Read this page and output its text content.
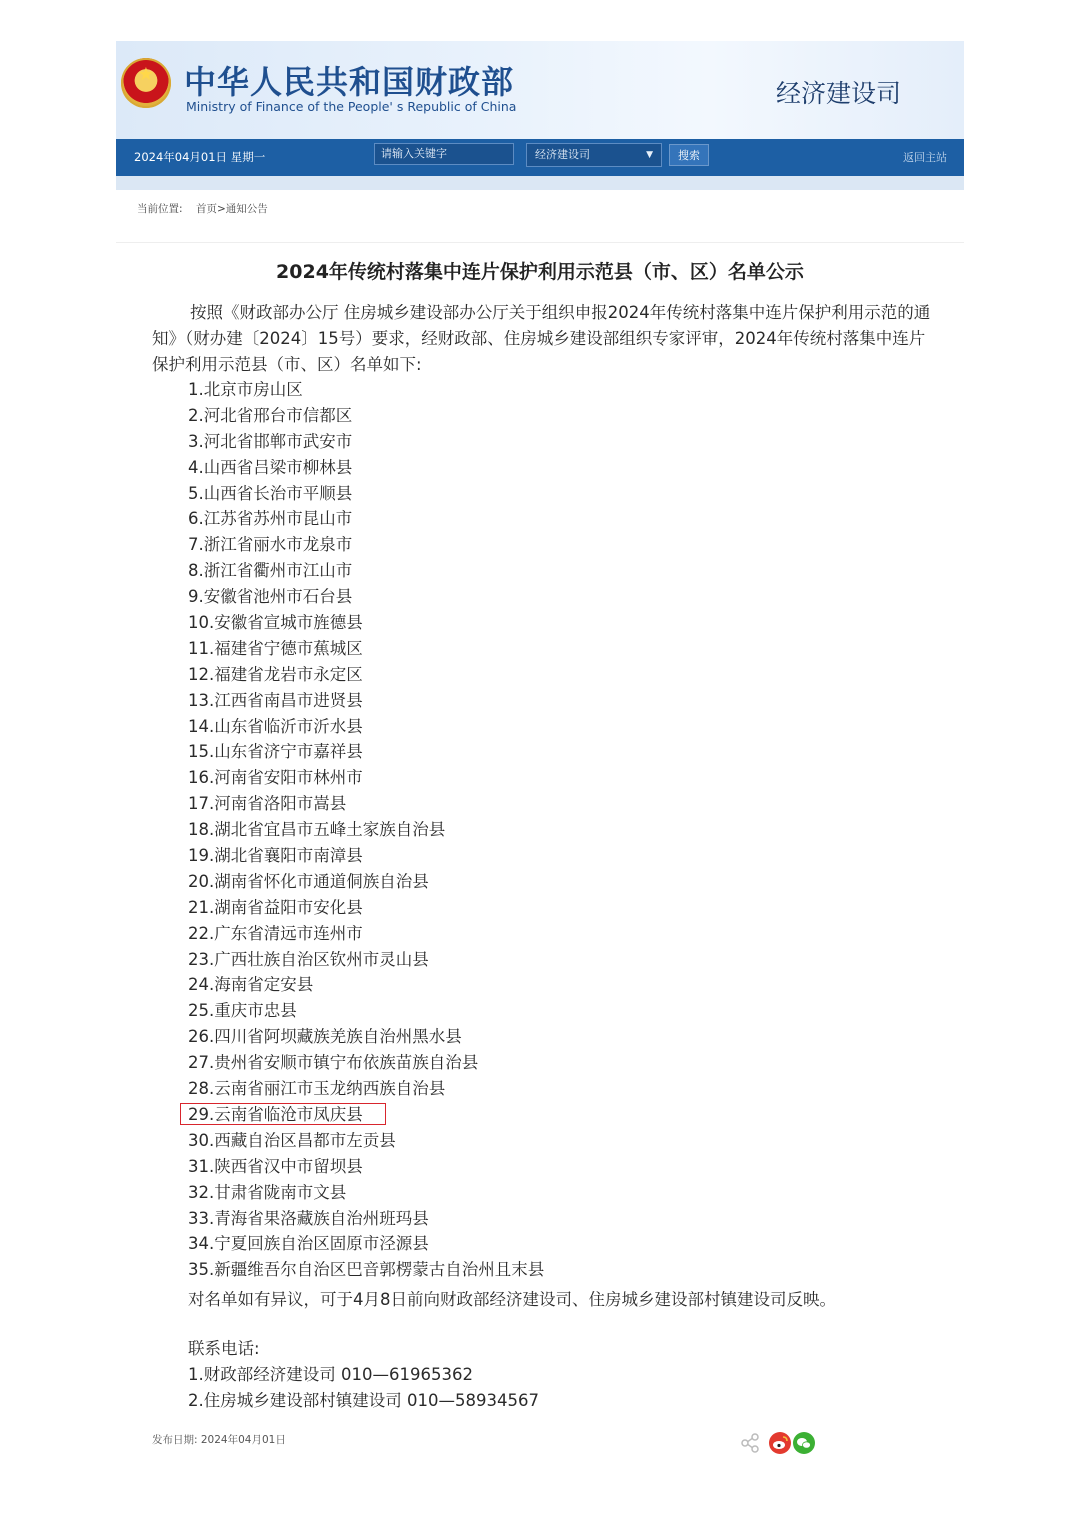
★ 中华人民共和国财政部
Ministry of Finance of the People' s Republic of China	经济建设司
2024年04月01日 星期一	请输入关键字	经济建设司	▼	搜索	返回主站
当前位置: 首页>通知公告
2024年传统村落集中连片保护利用示范县（市、区）名单公示
按照《财政部办公厅 住房城乡建设部办公厅关于组织申报2024年传统村落集中连片保护利用示范的通知》（财办建〔2024〕15号）要求，经财政部、住房城乡建设部组织专家评审，2024年传统村落集中连片保护利用示范县（市、区）名单如下:
1.北京市房山区
2.河北省邢台市信都区
3.河北省邯郸市武安市
4.山西省吕梁市柳林县
5.山西省长治市平顺县
6.江苏省苏州市昆山市
7.浙江省丽水市龙泉市
8.浙江省衢州市江山市
9.安徽省池州市石台县
10.安徽省宣城市旌德县
11.福建省宁德市蕉城区
12.福建省龙岩市永定区
13.江西省南昌市进贤县
14.山东省临沂市沂水县
15.山东省济宁市嘉祥县
16.河南省安阳市林州市
17.河南省洛阳市嵩县
18.湖北省宜昌市五峰土家族自治县
19.湖北省襄阳市南漳县
20.湖南省怀化市通道侗族自治县
21.湖南省益阳市安化县
22.广东省清远市连州市
23.广西壮族自治区钦州市灵山县
24.海南省定安县
25.重庆市忠县
26.四川省阿坝藏族羌族自治州黑水县
27.贵州省安顺市镇宁布依族苗族自治县
28.云南省丽江市玉龙纳西族自治县
29.云南省临沧市凤庆县
30.西藏自治区昌都市左贡县
31.陕西省汉中市留坝县
32.甘肃省陇南市文县
33.青海省果洛藏族自治州班玛县
34.宁夏回族自治区固原市泾源县
35.新疆维吾尔自治区巴音郭楞蒙古自治州且末县
对名单如有异议，可于4月8日前向财政部经济建设司、住房城乡建设部村镇建设司反映。
联系电话:
1.财政部经济建设司 010—61965362
2.住房城乡建设部村镇建设司 010—58934567
发布日期: 2024年04月01日
